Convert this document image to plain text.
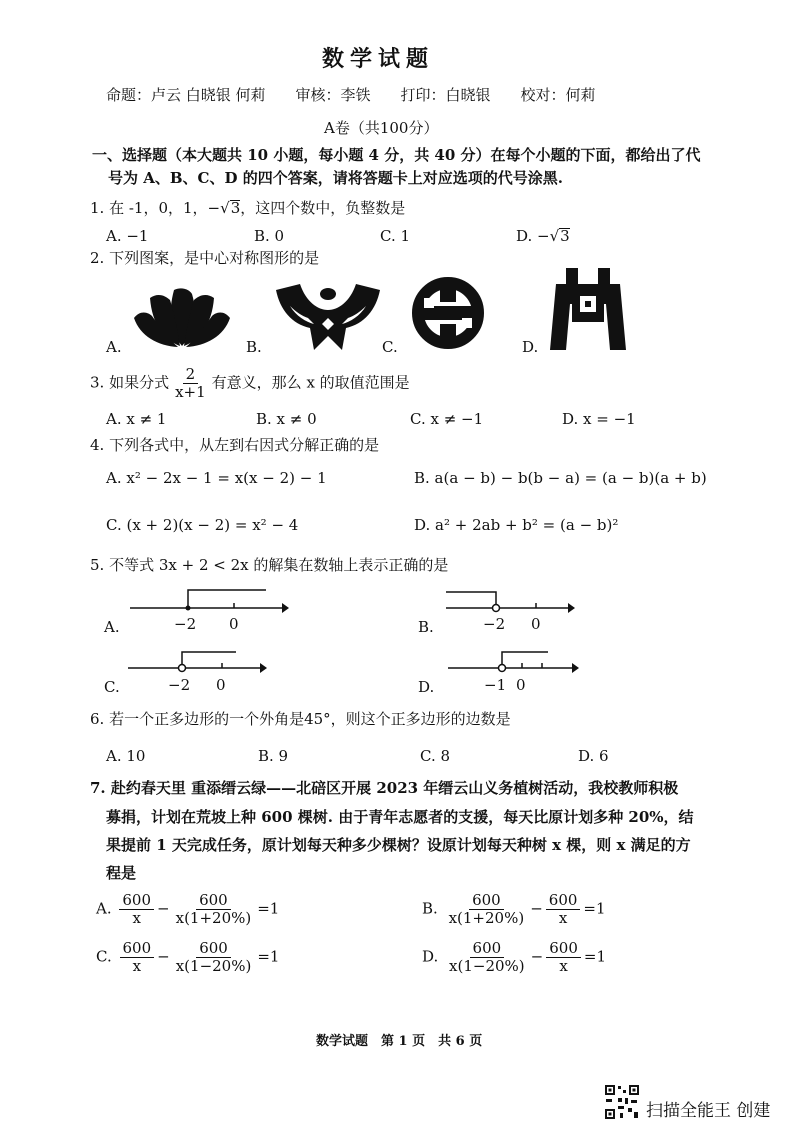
数学试题
命题：卢云 白晓银 何莉　　审核：李铁　　打印：白晓银　　校对：何莉
A卷（共100分）
一、选择题（本大题共 10 小题，每小题 4 分，共 40 分）在每个小题的下面，都给出了代
号为 A、B、C、D 的四个答案，请将答题卡上对应选项的代号涂黑.
1. 在 -1，0，1，−√3，这四个数中，负整数是
A. −1	B. 0	C. 1	D. −√3
2. 下列图案，是中心对称图形的是
A.	B.	C.	D.
3. 如果分式 $\frac{2}{x+1}$ 有意义，那么 x 的取值范围是
A. x ≠ 1	B. x ≠ 0	C. x ≠ −1	D. x = −1
4. 下列各式中，从左到右因式分解正确的是
A. x² − 2x − 1 = x(x − 2) − 1	B. a(a − b) − b(b − a) = (a − b)(a + b)
C. (x + 2)(x − 2) = x² − 4	D. a² + 2ab + b² = (a − b)²
5. 不等式 3x + 2 < 2x 的解集在数轴上表示正确的是
A.	−2 0	B.	−2 0
C.	−2 0	D.	−1 0
6. 若一个正多边形的一个外角是45°，则这个正多边形的边数是
A. 10	B. 9	C. 8	D. 6
7. 赴约春天里 重添缙云绿——北碚区开展 2023 年缙云山义务植树活动，我校教师积极
募捐，计划在荒坡上种 600 棵树. 由于青年志愿者的支援，每天比原计划多种 20%，结
果提前 1 天完成任务，原计划每天种多少棵树？设原计划每天种树 x 棵，则 x 满足的方
程是
A. $\frac{600}{x} - \frac{600}{x(1+20\%)} =1$	B. $\frac{600}{x(1+20\%)} - \frac{600}{x} =1$
C. $\frac{600}{x} - \frac{600}{x(1-20\%)} =1$	D. $\frac{600}{x(1-20\%)} - \frac{600}{x} =1$
数学试题　第 1 页　共 6 页
扫描全能王 创建
